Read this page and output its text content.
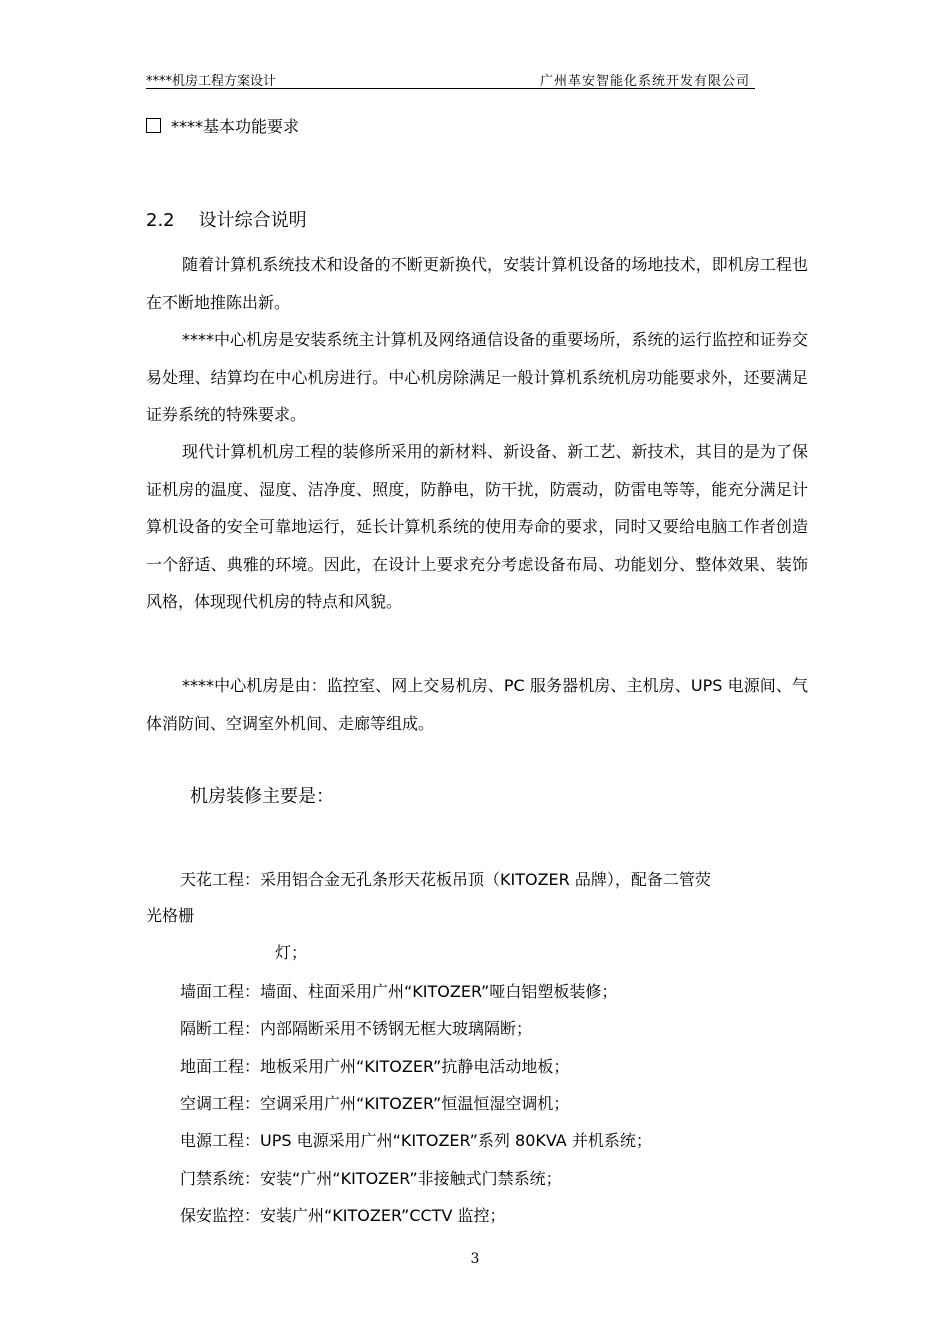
****机房工程方案设计	广州革安智能化系统开发有限公司
****基本功能要求
2.2 设计综合说明

随着计算机系统技术和设备的不断更新换代，安装计算机设备的场地技术，即机房工程也在不断地推陈出新。

****中心机房是安装系统主计算机及网络通信设备的重要场所，系统的运行监控和证券交易处理、结算均在中心机房进行。中心机房除满足一般计算机系统机房功能要求外，还要满足证券系统的特殊要求。

现代计算机机房工程的装修所采用的新材料、新设备、新工艺、新技术，其目的是为了保证机房的温度、湿度、洁净度、照度，防静电，防干扰，防震动，防雷电等等，能充分满足计算机设备的安全可靠地运行，延长计算机系统的使用寿命的要求，同时又要给电脑工作者创造一个舒适、典雅的环境。因此，在设计上要求充分考虑设备布局、功能划分、整体效果、装饰风格，体现现代机房的特点和风貌。

****中心机房是由：监控室、网上交易机房、PC 服务器机房、主机房、UPS 电源间、气体消防间、空调室外机间、走廊等组成。

机房装修主要是：
天花工程：采用铝合金无孔条形天花板吊顶（KITOZER 品牌），配备二管荧
光格栅
灯；
墙面工程：墙面、柱面采用广州“KITOZER”哑白铝塑板装修；
隔断工程：内部隔断采用不锈钢无框大玻璃隔断；
地面工程：地板采用广州“KITOZER”抗静电活动地板；
空调工程：空调采用广州“KITOZER”恒温恒湿空调机；
电源工程：UPS 电源采用广州“KITOZER”系列 80KVA 并机系统；
门禁系统：安装“广州“KITOZER”非接触式门禁系统；
保安监控：安装广州“KITOZER”CCTV 监控；
3
